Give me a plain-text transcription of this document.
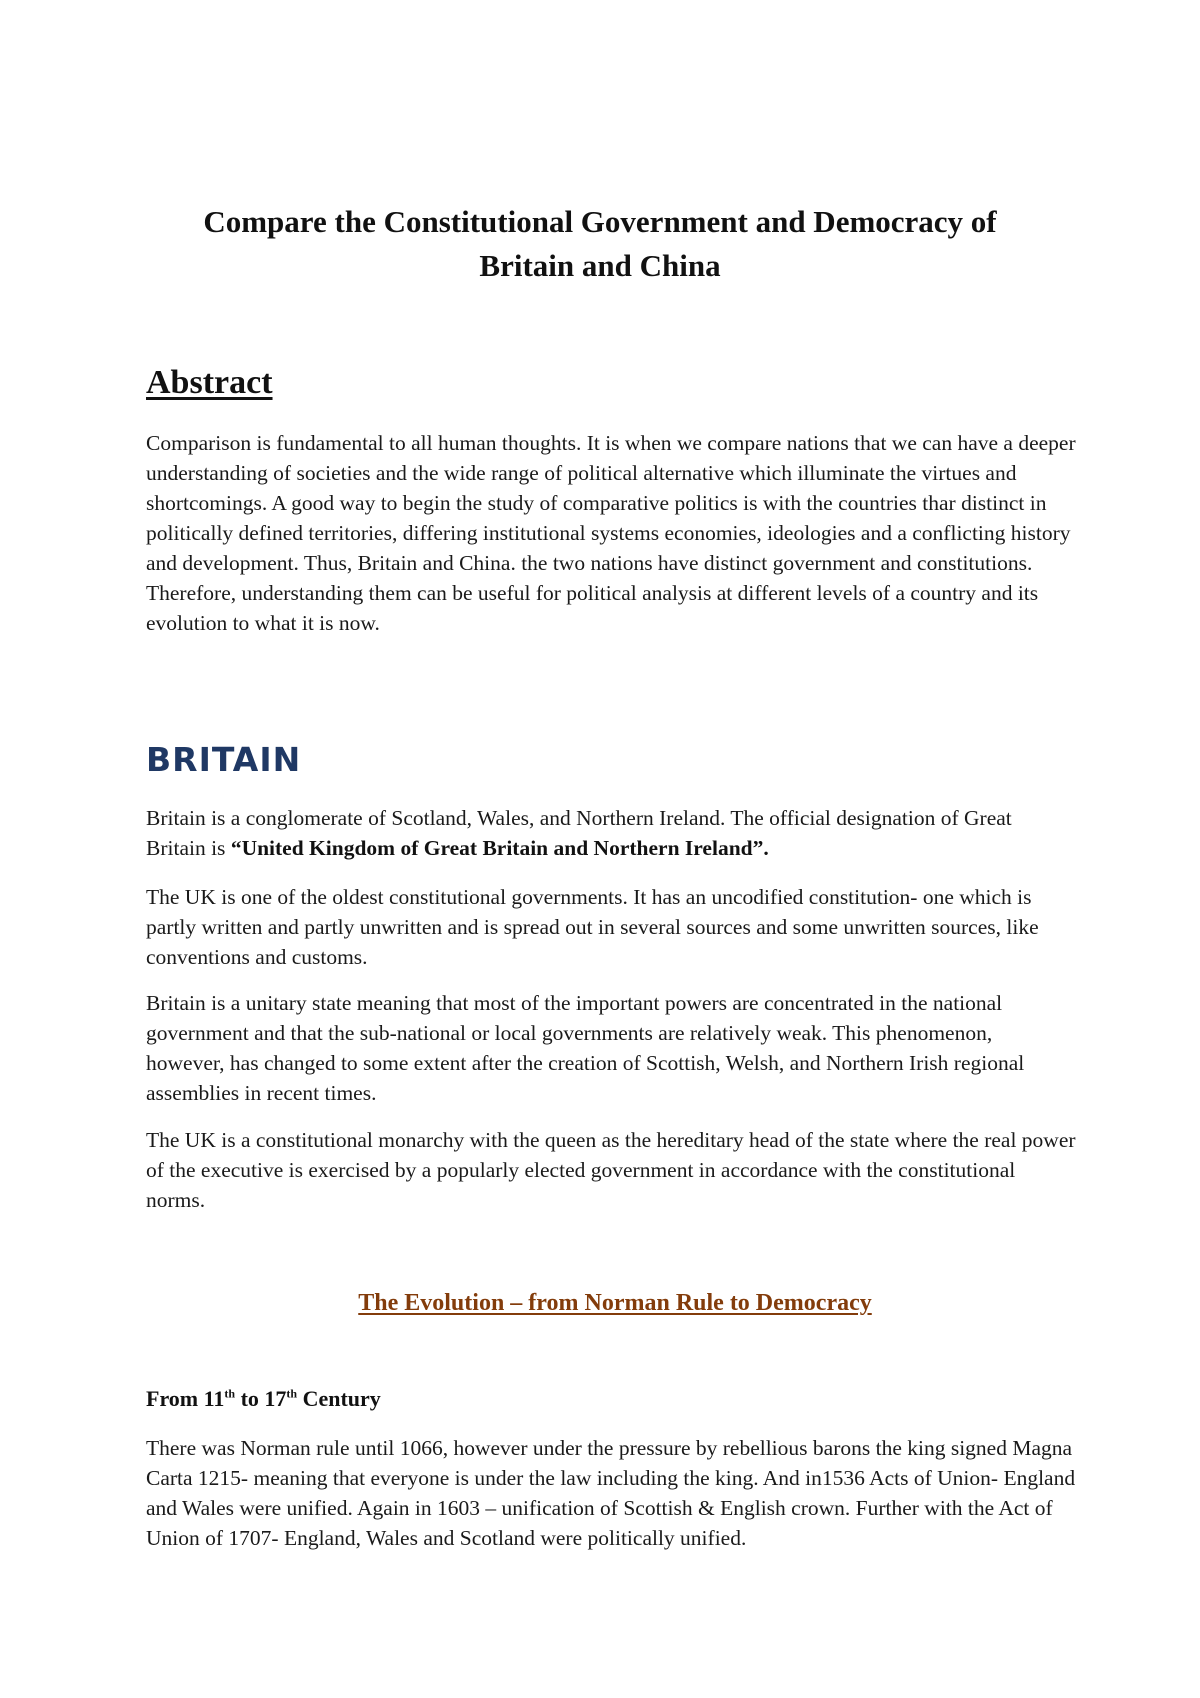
Compare the Constitutional Government and Democracy of
Britain and China
Abstract
Comparison is fundamental to all human thoughts. It is when we compare nations that we can have a deeper understanding of societies and the wide range of political alternative which illuminate the virtues and shortcomings. A good way to begin the study of comparative politics is with the countries thar distinct in politically defined territories, differing institutional systems economies, ideologies and a conflicting history and development. Thus, Britain and China. the two nations have distinct government and constitutions. Therefore, understanding them can be useful for political analysis at different levels of a country and its evolution to what it is now.
BRITAIN
Britain is a conglomerate of Scotland, Wales, and Northern Ireland. The official designation of Great Britain is “United Kingdom of Great Britain and Northern Ireland”.
The UK is one of the oldest constitutional governments. It has an uncodified constitution- one which is partly written and partly unwritten and is spread out in several sources and some unwritten sources, like conventions and customs.
Britain is a unitary state meaning that most of the important powers are concentrated in the national government and that the sub-national or local governments are relatively weak. This phenomenon, however, has changed to some extent after the creation of Scottish, Welsh, and Northern Irish regional assemblies in recent times.
The UK is a constitutional monarchy with the queen as the hereditary head of the state where the real power of the executive is exercised by a popularly elected government in accordance with the constitutional norms.
The Evolution – from Norman Rule to Democracy
From 11th to 17th Century
There was Norman rule until 1066, however under the pressure by rebellious barons the king signed Magna Carta 1215- meaning that everyone is under the law including the king. And in1536 Acts of Union- England and Wales were unified. Again in 1603 – unification of Scottish & English crown. Further with the Act of Union of 1707- England, Wales and Scotland were politically unified.
